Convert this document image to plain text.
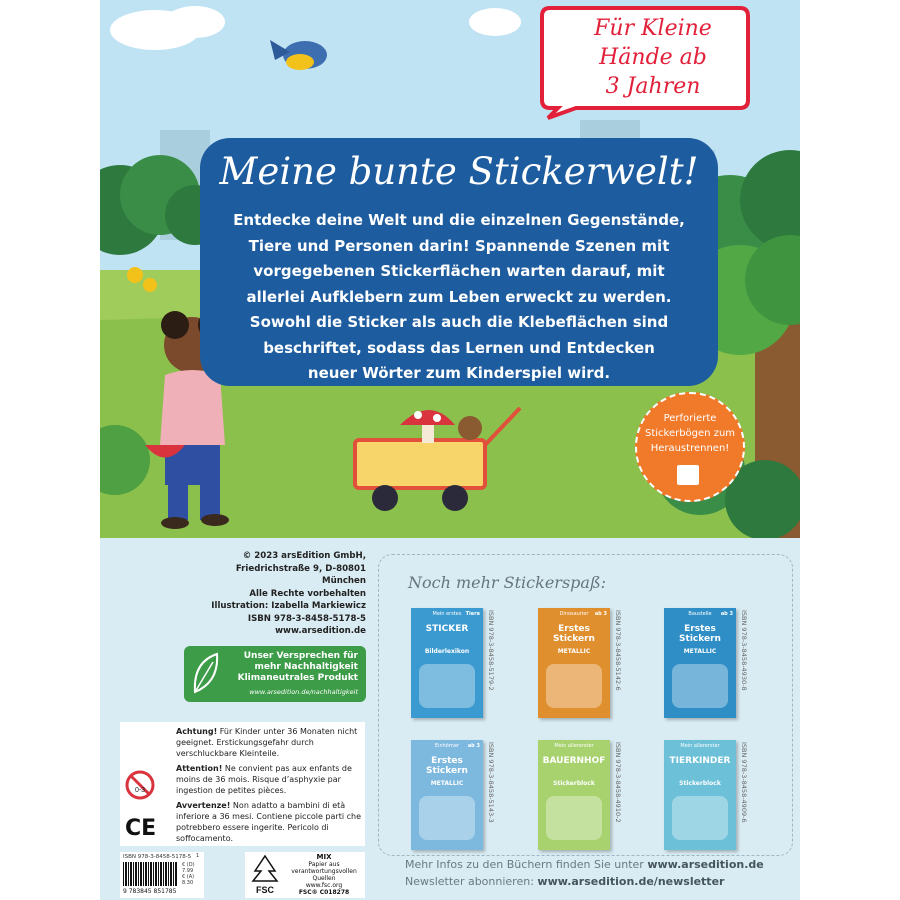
Meine bunte Stickerwelt!
Entdecke deine Welt und die einzelnen Gegenstände,
Tiere und Personen darin! Spannende Szenen mit
vorgegebenen Stickerflächen warten darauf, mit
allerlei Aufklebern zum Leben erweckt zu werden.
Sowohl die Sticker als auch die Klebeflächen sind
beschriftet, sodass das Lernen und Entdecken
neuer Wörter zum Kinderspiel wird.
Für Kleine
Hände ab
3 Jahren
Perforierte
Stickerbögen zum
Heraustrennen!
© 2023 arsEdition GmbH,
Friedrichstraße 9, D-80801 München
Alle Rechte vorbehalten
Illustration: Izabella Markiewicz
ISBN 978-3-8458-5178-5
www.arsedition.de
Unser Versprechen für
mehr Nachhaltigkeit
Klimaneutrales Produkt
www.arsedition.de/nachhaltigkeit
0-3
CE
Achtung! Für Kinder unter 36 Monaten nicht geeignet. Erstickungsgefahr durch verschluckbare Kleinteile.
Attention! Ne convient pas aux enfants de moins de 36 mois. Risque d’asphyxie par ingestion de petites pièces.
Avvertenze! Non adatto a bambini di età inferiore a 36 mesi. Contiene piccole parti che potrebbero essere ingerite. Pericolo di soffocamento.
ISBN 978-3-8458-5178-5
9 783845 851785
€ (D) 7.99
€ (A) 8.30
1
FSC
MIX
Papier aus verantwortungsvollen Quellen
www.fsc.org
FSC® C018278
Noch mehr Stickerspaß:
Mein erstes
STICKER
Bilderlexikon
Tiere ISBN 978-3-8458-5179-2	Dinosaurier
Erstes Stickern
METALLIC
ab 3 ISBN 978-3-8458-5142-6	Baustelle
Erstes Stickern
METALLIC
ab 3 ISBN 978-3-8458-4930-8
Einhörner
Erstes Stickern
METALLIC
ab 3 ISBN 978-3-8458-5143-3	Mein allererster
BAUERNHOF
Stickerblock	ISBN 978-3-8458-4910-2	Mein allererster
TIERKINDER
Stickerblock	ISBN 978-3-8458-4909-6
Mehr Infos zu den Büchern finden Sie unter www.arsedition.de
Newsletter abonnieren: www.arsedition.de/newsletter
